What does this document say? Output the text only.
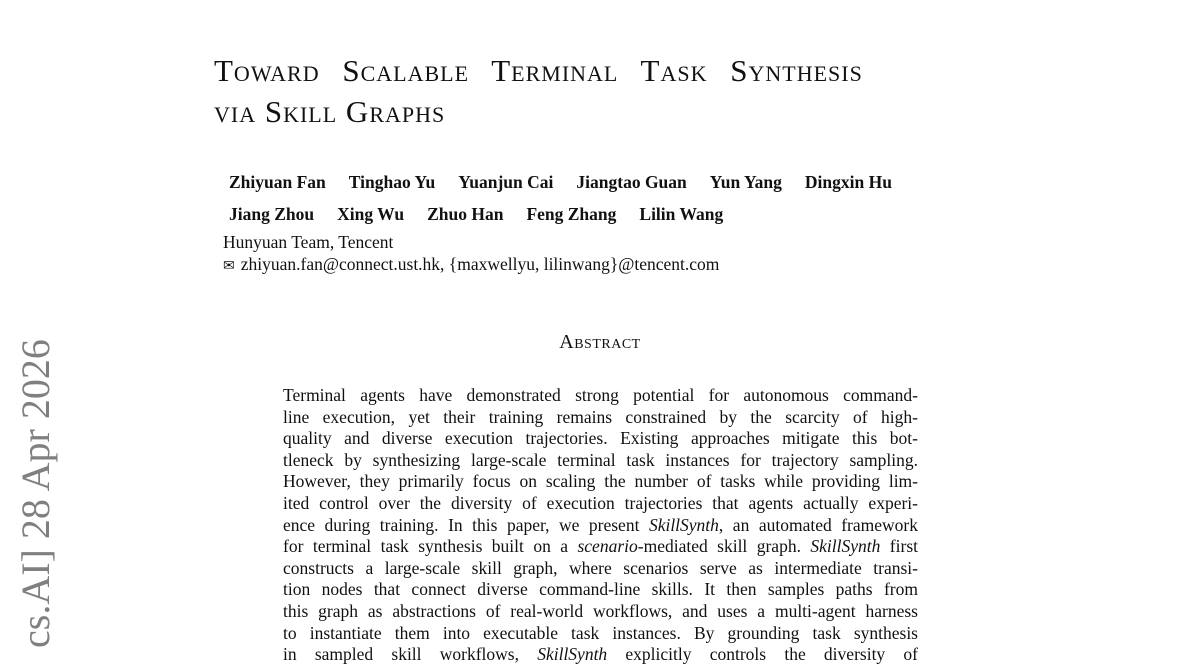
Toward Scalable Terminal Task Synthesis
via Skill Graphs
Zhiyuan Fan Tinghao Yu Yuanjun Cai Jiangtao Guan Yun Yang Dingxin Hu
Jiang Zhou Xing Wu Zhuo Han Feng Zhang Lilin Wang
Hunyuan Team, Tencent
✉ zhiyuan.fan@connect.ust.hk, {maxwellyu, lilinwang}@tencent.com
Abstract
Terminal agents have demonstrated strong potential for autonomous command-
line execution, yet their training remains constrained by the scarcity of high-
quality and diverse execution trajectories. Existing approaches mitigate this bot-
tleneck by synthesizing large-scale terminal task instances for trajectory sampling.
However, they primarily focus on scaling the number of tasks while providing lim-
ited control over the diversity of execution trajectories that agents actually experi-
ence during training. In this paper, we present SkillSynth, an automated framework
for terminal task synthesis built on a scenario-mediated skill graph. SkillSynth first
constructs a large-scale skill graph, where scenarios serve as intermediate transi-
tion nodes that connect diverse command-line skills. It then samples paths from
this graph as abstractions of real-world workflows, and uses a multi-agent harness
to instantiate them into executable task instances. By grounding task synthesis
in sampled skill workflows, SkillSynth explicitly controls the diversity of
cs.AI] 28 Apr 2026
